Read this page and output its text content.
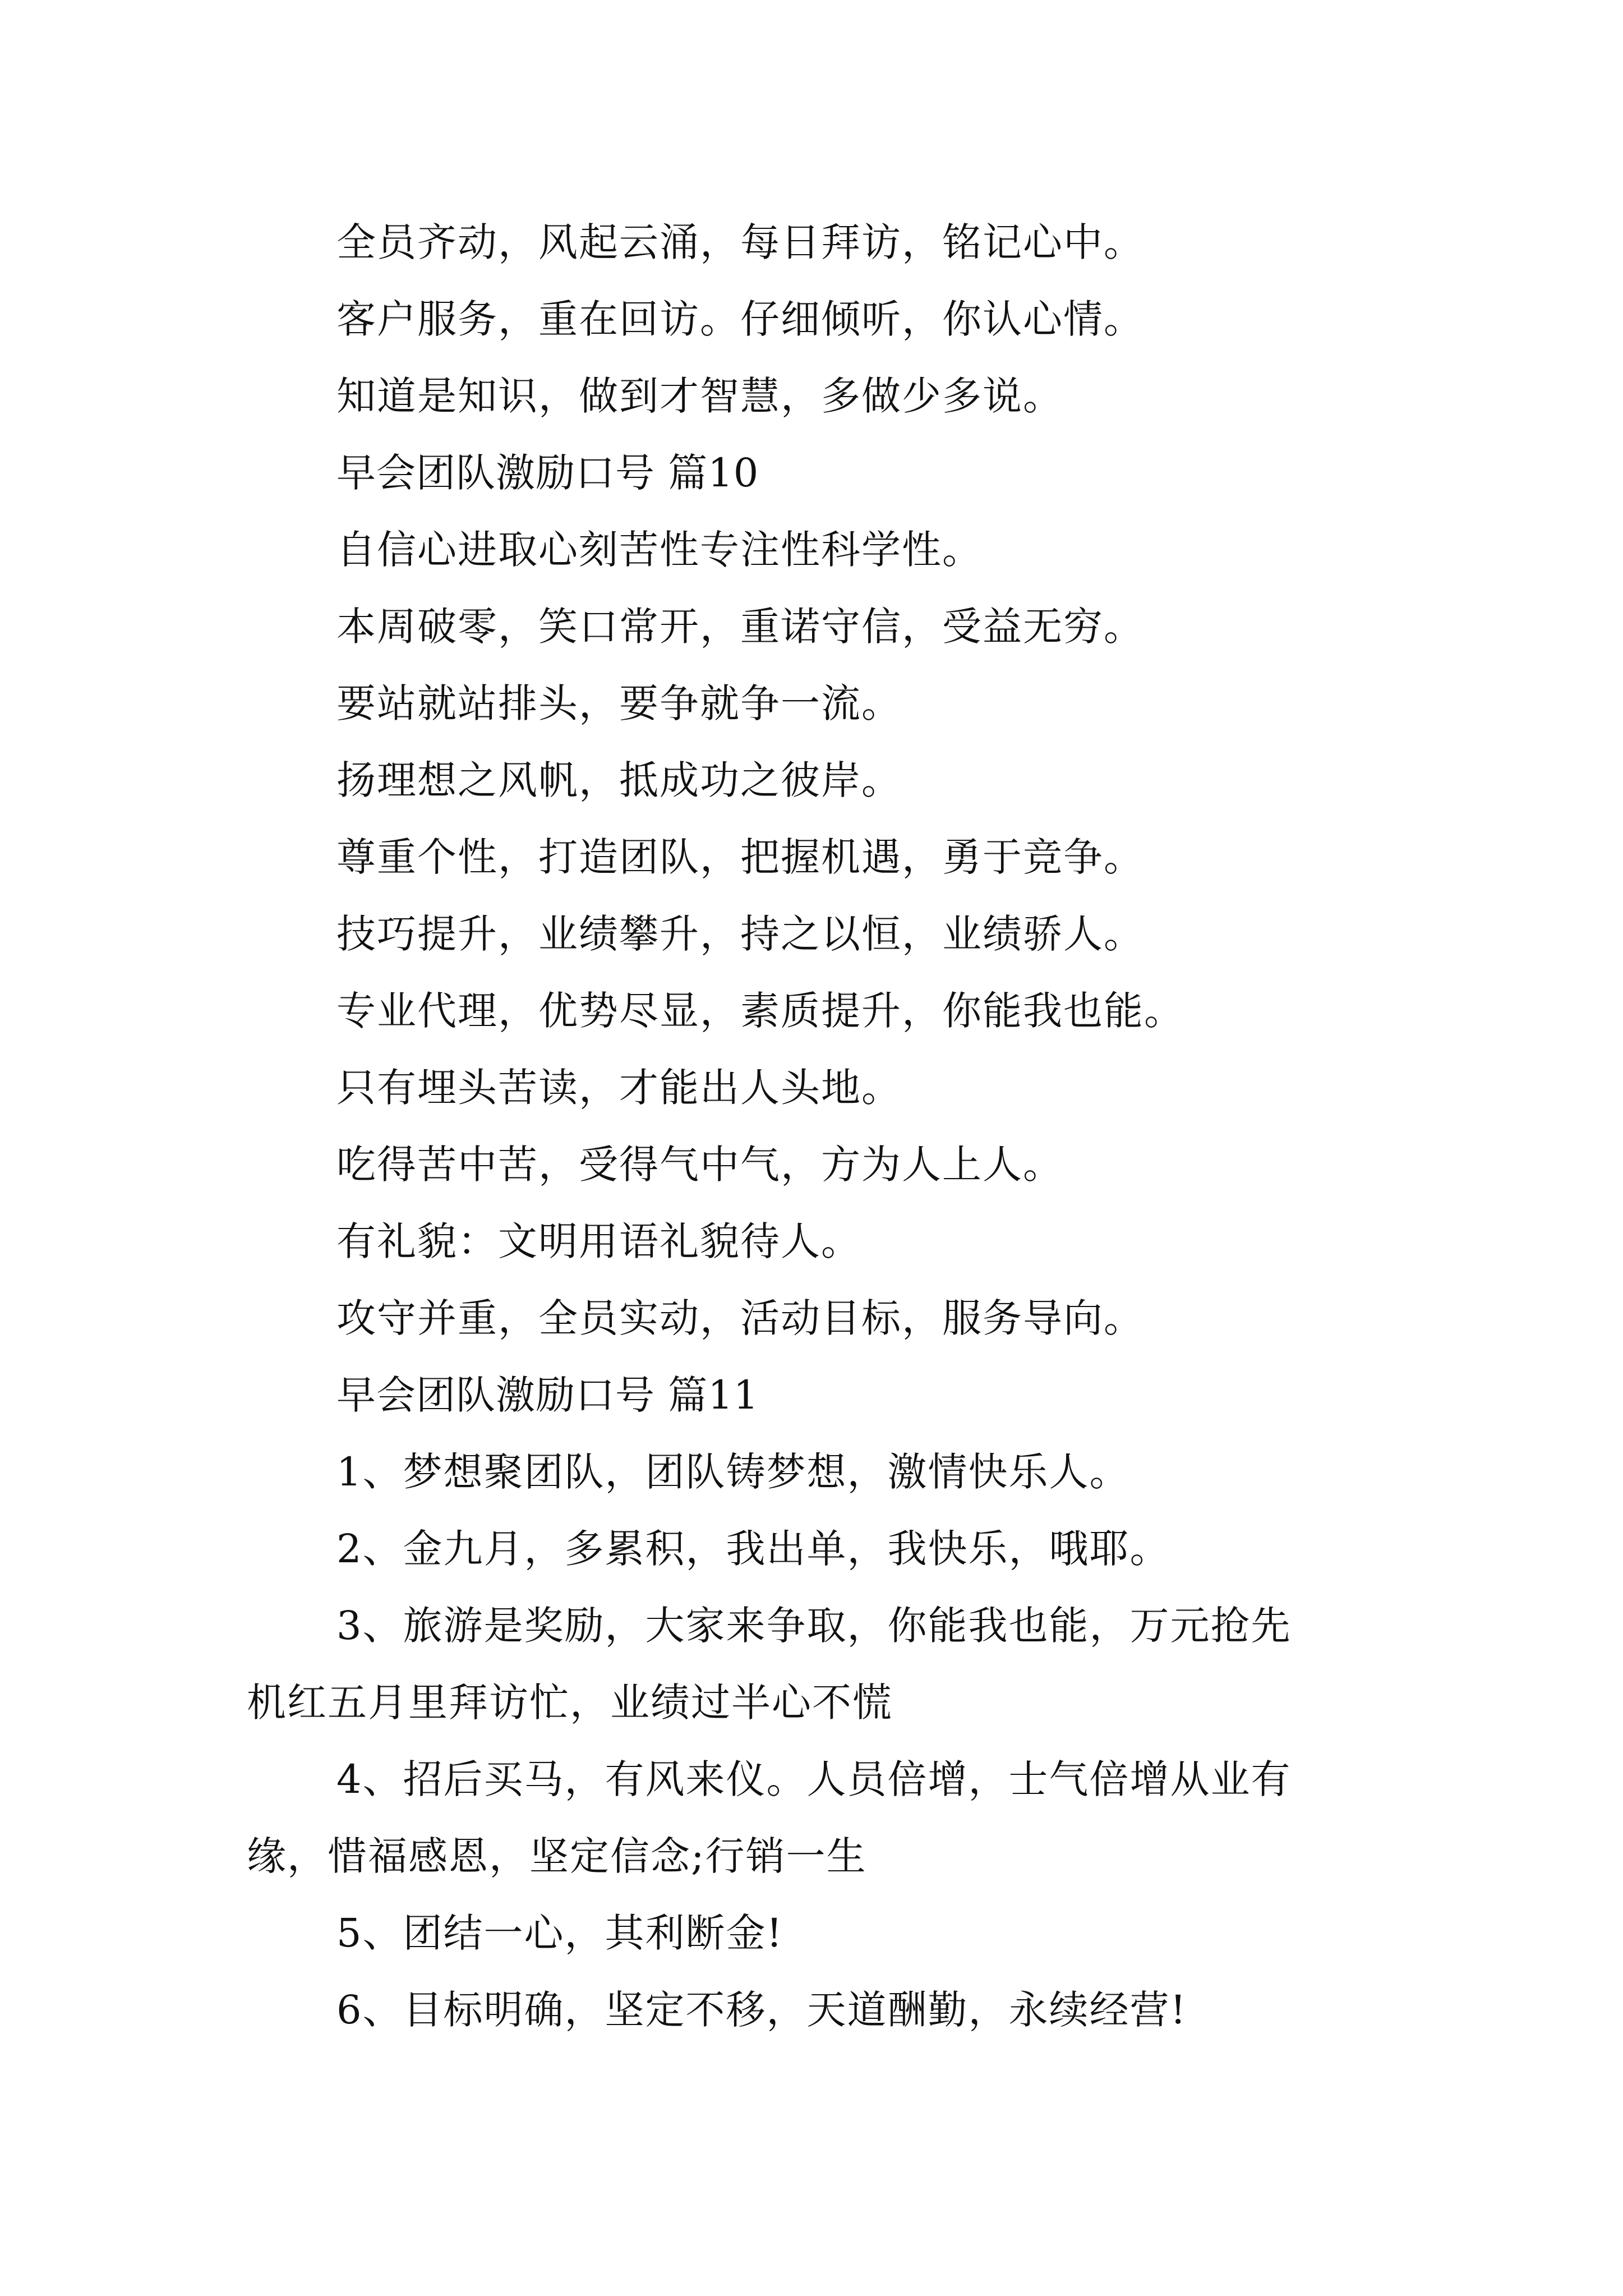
全员齐动，风起云涌，每日拜访，铭记心中。

客户服务，重在回访。仔细倾听，你认心情。

知道是知识，做到才智慧，多做少多说。

早会团队激励口号 篇10

自信心进取心刻苦性专注性科学性。

本周破零，笑口常开，重诺守信，受益无穷。

要站就站排头，要争就争一流。

扬理想之风帆，抵成功之彼岸。

尊重个性，打造团队，把握机遇，勇于竞争。

技巧提升，业绩攀升，持之以恒，业绩骄人。

专业代理，优势尽显，素质提升，你能我也能。

只有埋头苦读，才能出人头地。

吃得苦中苦，受得气中气，方为人上人。

有礼貌：文明用语礼貌待人。

攻守并重，全员实动，活动目标，服务导向。

早会团队激励口号 篇11

1、梦想聚团队，团队铸梦想，激情快乐人。

2、金九月，多累积，我出单，我快乐，哦耶。

3、旅游是奖励，大家来争取，你能我也能，万元抢先

机红五月里拜访忙，业绩过半心不慌

4、招后买马，有风来仪。人员倍增，士气倍增从业有

缘，惜福感恩，坚定信念;行销一生

5、团结一心，其利断金!

6、目标明确，坚定不移，天道酬勤，永续经营!
